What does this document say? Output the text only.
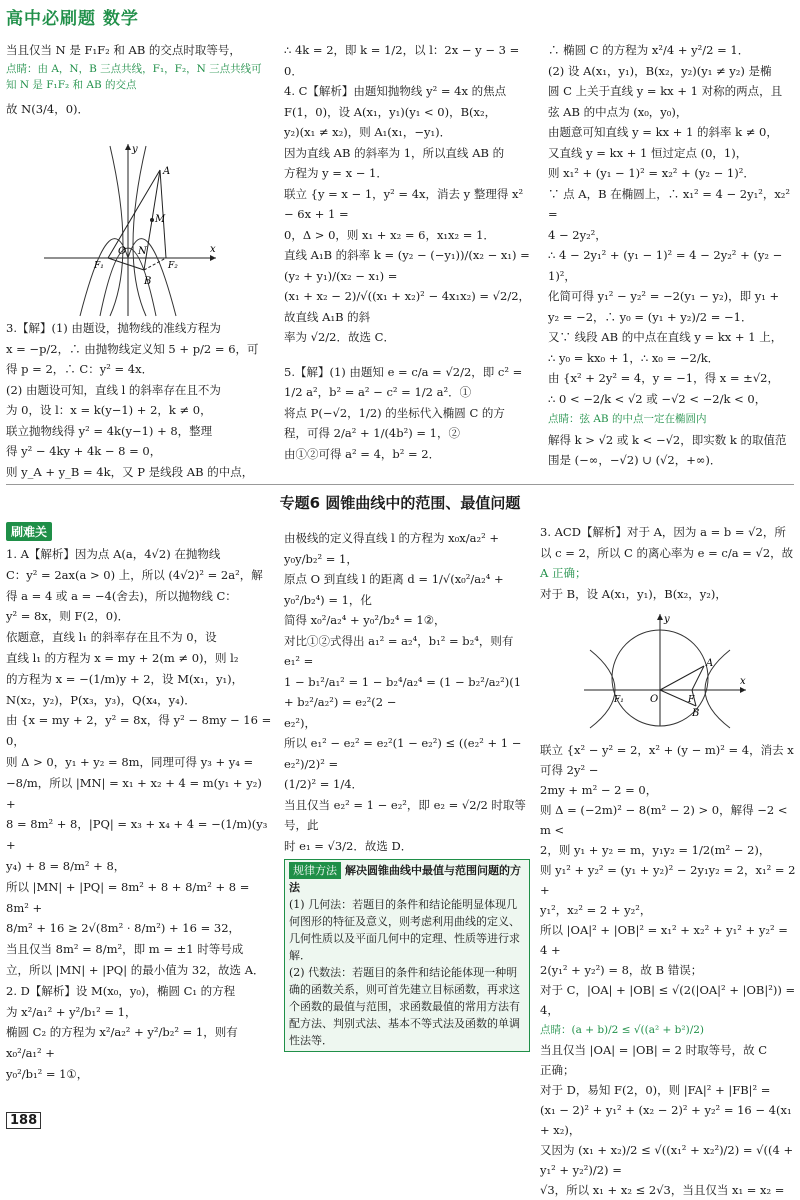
高中必刷题 数学

当且仅当 N 是 F₁F₂ 和 AB 的交点时取等号，

点睛：由 A，N，B 三点共线，F₁，F₂，N 三点共线可知 N 是 F₁F₂ 和 AB 的交点

故 N(3/4，0)．

y
x
A
M
O N
F₁	F₂
B

3.【解】(1) 由题设，抛物线的准线方程为

x = −p/2，∴ 由抛物线定义知 5 + p/2 = 6，可

得 p = 2，∴ C：y² = 4x．

(2) 由题设可知，直线 l 的斜率存在且不为

为 0，设 l：x = k(y−1) + 2，k ≠ 0，

联立抛物线得 y² = 4k(y−1) + 8，整理

得 y² − 4ky + 4k − 8 = 0，

则 y_A + y_B = 4k，又 P 是线段 AB 的中点，

∴ 4k = 2，即 k = 1/2，以 l：2x − y − 3 = 0．

4. C【解析】由题知抛物线 y² = 4x 的焦点

F(1，0)，设 A(x₁，y₁)(y₁ < 0)，B(x₂，

y₂)(x₁ ≠ x₂)，则 A₁(x₁，−y₁)．

因为直线 AB 的斜率为 1，所以直线 AB 的

方程为 y = x − 1．

联立 {y = x − 1，y² = 4x，消去 y 整理得 x² − 6x + 1 =

0，Δ > 0，则 x₁ + x₂ = 6，x₁x₂ = 1．

直线 A₁B 的斜率 k = (y₂ − (−y₁))/(x₂ − x₁) = (y₂ + y₁)/(x₂ − x₁) =

(x₁ + x₂ − 2)/√((x₁ + x₂)² − 4x₁x₂) = √2/2，故直线 A₁B 的斜

率为 √2/2．故选 C．

5.【解】(1) 由题知 e = c/a = √2/2，即 c² =

1/2 a²，b² = a² − c² = 1/2 a²．①

将点 P(−√2，1/2) 的坐标代入椭圆 C 的方

程，可得 2/a² + 1/(4b²) = 1，②

由①②可得 a² = 4，b² = 2．

∴ 椭圆 C 的方程为 x²/4 + y²/2 = 1．

(2) 设 A(x₁，y₁)，B(x₂，y₂)(y₁ ≠ y₂) 是椭

圆 C 上关于直线 y = kx + 1 对称的两点，且

弦 AB 的中点为 (x₀，y₀)，

由题意可知直线 y = kx + 1 的斜率 k ≠ 0，

又直线 y = kx + 1 恒过定点 (0，1)，

则 x₁² + (y₁ − 1)² = x₂² + (y₂ − 1)²．

∵ 点 A，B 在椭圆上，∴ x₁² = 4 − 2y₁²，x₂² =

4 − 2y₂²，

∴ 4 − 2y₁² + (y₁ − 1)² = 4 − 2y₂² + (y₂ − 1)²，

化简可得 y₁² − y₂² = −2(y₁ − y₂)，即 y₁ +

y₂ = −2，∴ y₀ = (y₁ + y₂)/2 = −1．

又∵ 线段 AB 的中点在直线 y = kx + 1 上，

∴ y₀ = kx₀ + 1，∴ x₀ = −2/k．

由 {x² + 2y² = 4，y = −1，得 x = ±√2，

∴ 0 < −2/k < √2 或 −√2 < −2/k < 0，

点睛：弦 AB 的中点一定在椭圆内

解得 k > √2 或 k < −√2，即实数 k 的取值范

围是 (−∞，−√2) ∪ (√2，+∞)．

专题6 圆锥曲线中的范围、最值问题
刷难关

1. A【解析】因为点 A(a，4√2) 在抛物线

C：y² = 2ax(a > 0) 上，所以 (4√2)² = 2a²，解

得 a = 4 或 a = −4(舍去)，所以抛物线 C：

y² = 8x，则 F(2，0)．

依题意，直线 l₁ 的斜率存在且不为 0，设

直线 l₁ 的方程为 x = my + 2(m ≠ 0)，则 l₂

的方程为 x = −(1/m)y + 2，设 M(x₁，y₁)，

N(x₂，y₂)，P(x₃，y₃)，Q(x₄，y₄)．

由 {x = my + 2，y² = 8x，得 y² − 8my − 16 = 0，

则 Δ > 0，y₁ + y₂ = 8m，同理可得 y₃ + y₄ =

−8/m，所以 |MN| = x₁ + x₂ + 4 = m(y₁ + y₂) +

8 = 8m² + 8，|PQ| = x₃ + x₄ + 4 = −(1/m)(y₃ +

y₄) + 8 = 8/m² + 8，

所以 |MN| + |PQ| = 8m² + 8 + 8/m² + 8 = 8m² +

8/m² + 16 ≥ 2√(8m² · 8/m²) + 16 = 32，

当且仅当 8m² = 8/m²，即 m = ±1 时等号成

立，所以 |MN| + |PQ| 的最小值为 32，故选 A．

2. D【解析】设 M(x₀，y₀)，椭圆 C₁ 的方程

为 x²/a₁² + y²/b₁² = 1，

椭圆 C₂ 的方程为 x²/a₂² + y²/b₂² = 1，则有 x₀²/a₁² +

y₀²/b₁² = 1①，

由极线的定义得直线 l 的方程为 x₀x/a₂² +

y₀y/b₂² = 1，

原点 O 到直线 l 的距离 d = 1/√(x₀²/a₂⁴ + y₀²/b₂⁴) = 1，化

简得 x₀²/a₂⁴ + y₀²/b₂⁴ = 1②，

对比①②式得出 a₁² = a₂⁴，b₁² = b₂⁴，则有 e₁² =

1 − b₁²/a₁² = 1 − b₂⁴/a₂⁴ = (1 − b₂²/a₂²)(1 + b₂²/a₂²) = e₂²(2 −

e₂²)，

所以 e₁² − e₂² = e₂²(1 − e₂²) ≤ ((e₂² + 1 − e₂²)/2)² =

(1/2)² = 1/4．

当且仅当 e₂² = 1 − e₂²，即 e₂ = √2/2 时取等号，此

时 e₁ = √3/2．故选 D．

规律方法 解决圆锥曲线中最值与范围问题的方法

(1) 几何法：若题目的条件和结论能明显体现几何图形的特征及意义，则考虑利用曲线的定义、几何性质以及平面几何中的定理、性质等进行求解．

(2) 代数法：若题目的条件和结论能体现一种明确的函数关系，则可首先建立目标函数，再求这个函数的最值与范围，求函数最值的常用方法有配方法、判别式法、基本不等式法及函数的单调性法等．

3. ACD【解析】对于 A，因为 a = b = √2，所

以 c = 2，所以 C 的离心率为 e = c/a = √2，故

A 正确；

对于 B，设 A(x₁，y₁)，B(x₂，y₂)，

y
x
A
B
F₁	F
O

联立 {x² − y² = 2，x² + (y − m)² = 4，消去 x 可得 2y² −

2my + m² − 2 = 0，

则 Δ = (−2m)² − 8(m² − 2) > 0，解得 −2 < m <

2，则 y₁ + y₂ = m，y₁y₂ = 1/2(m² − 2)，

则 y₁² + y₂² = (y₁ + y₂)² − 2y₁y₂ = 2，x₁² = 2 +

y₁²，x₂² = 2 + y₂²，

所以 |OA|² + |OB|² = x₁² + x₂² + y₁² + y₂² = 4 +

2(y₁² + y₂²) = 8，故 B 错误；

对于 C，|OA| + |OB| ≤ √(2(|OA|² + |OB|²)) = 4，

点睛：(a + b)/2 ≤ √((a² + b²)/2)

当且仅当 |OA| = |OB| = 2 时取等号，故 C

正确；

对于 D，易知 F(2，0)，则 |FA|² + |FB|² =

(x₁ − 2)² + y₁² + (x₂ − 2)² + y₂² = 16 − 4(x₁ + x₂)，

又因为 (x₁ + x₂)/2 ≤ √((x₁² + x₂²)/2) = √((4 + y₁² + y₂²)/2) =

√3，所以 x₁ + x₂ ≤ 2√3，当且仅当 x₁ = x₂ =

188
